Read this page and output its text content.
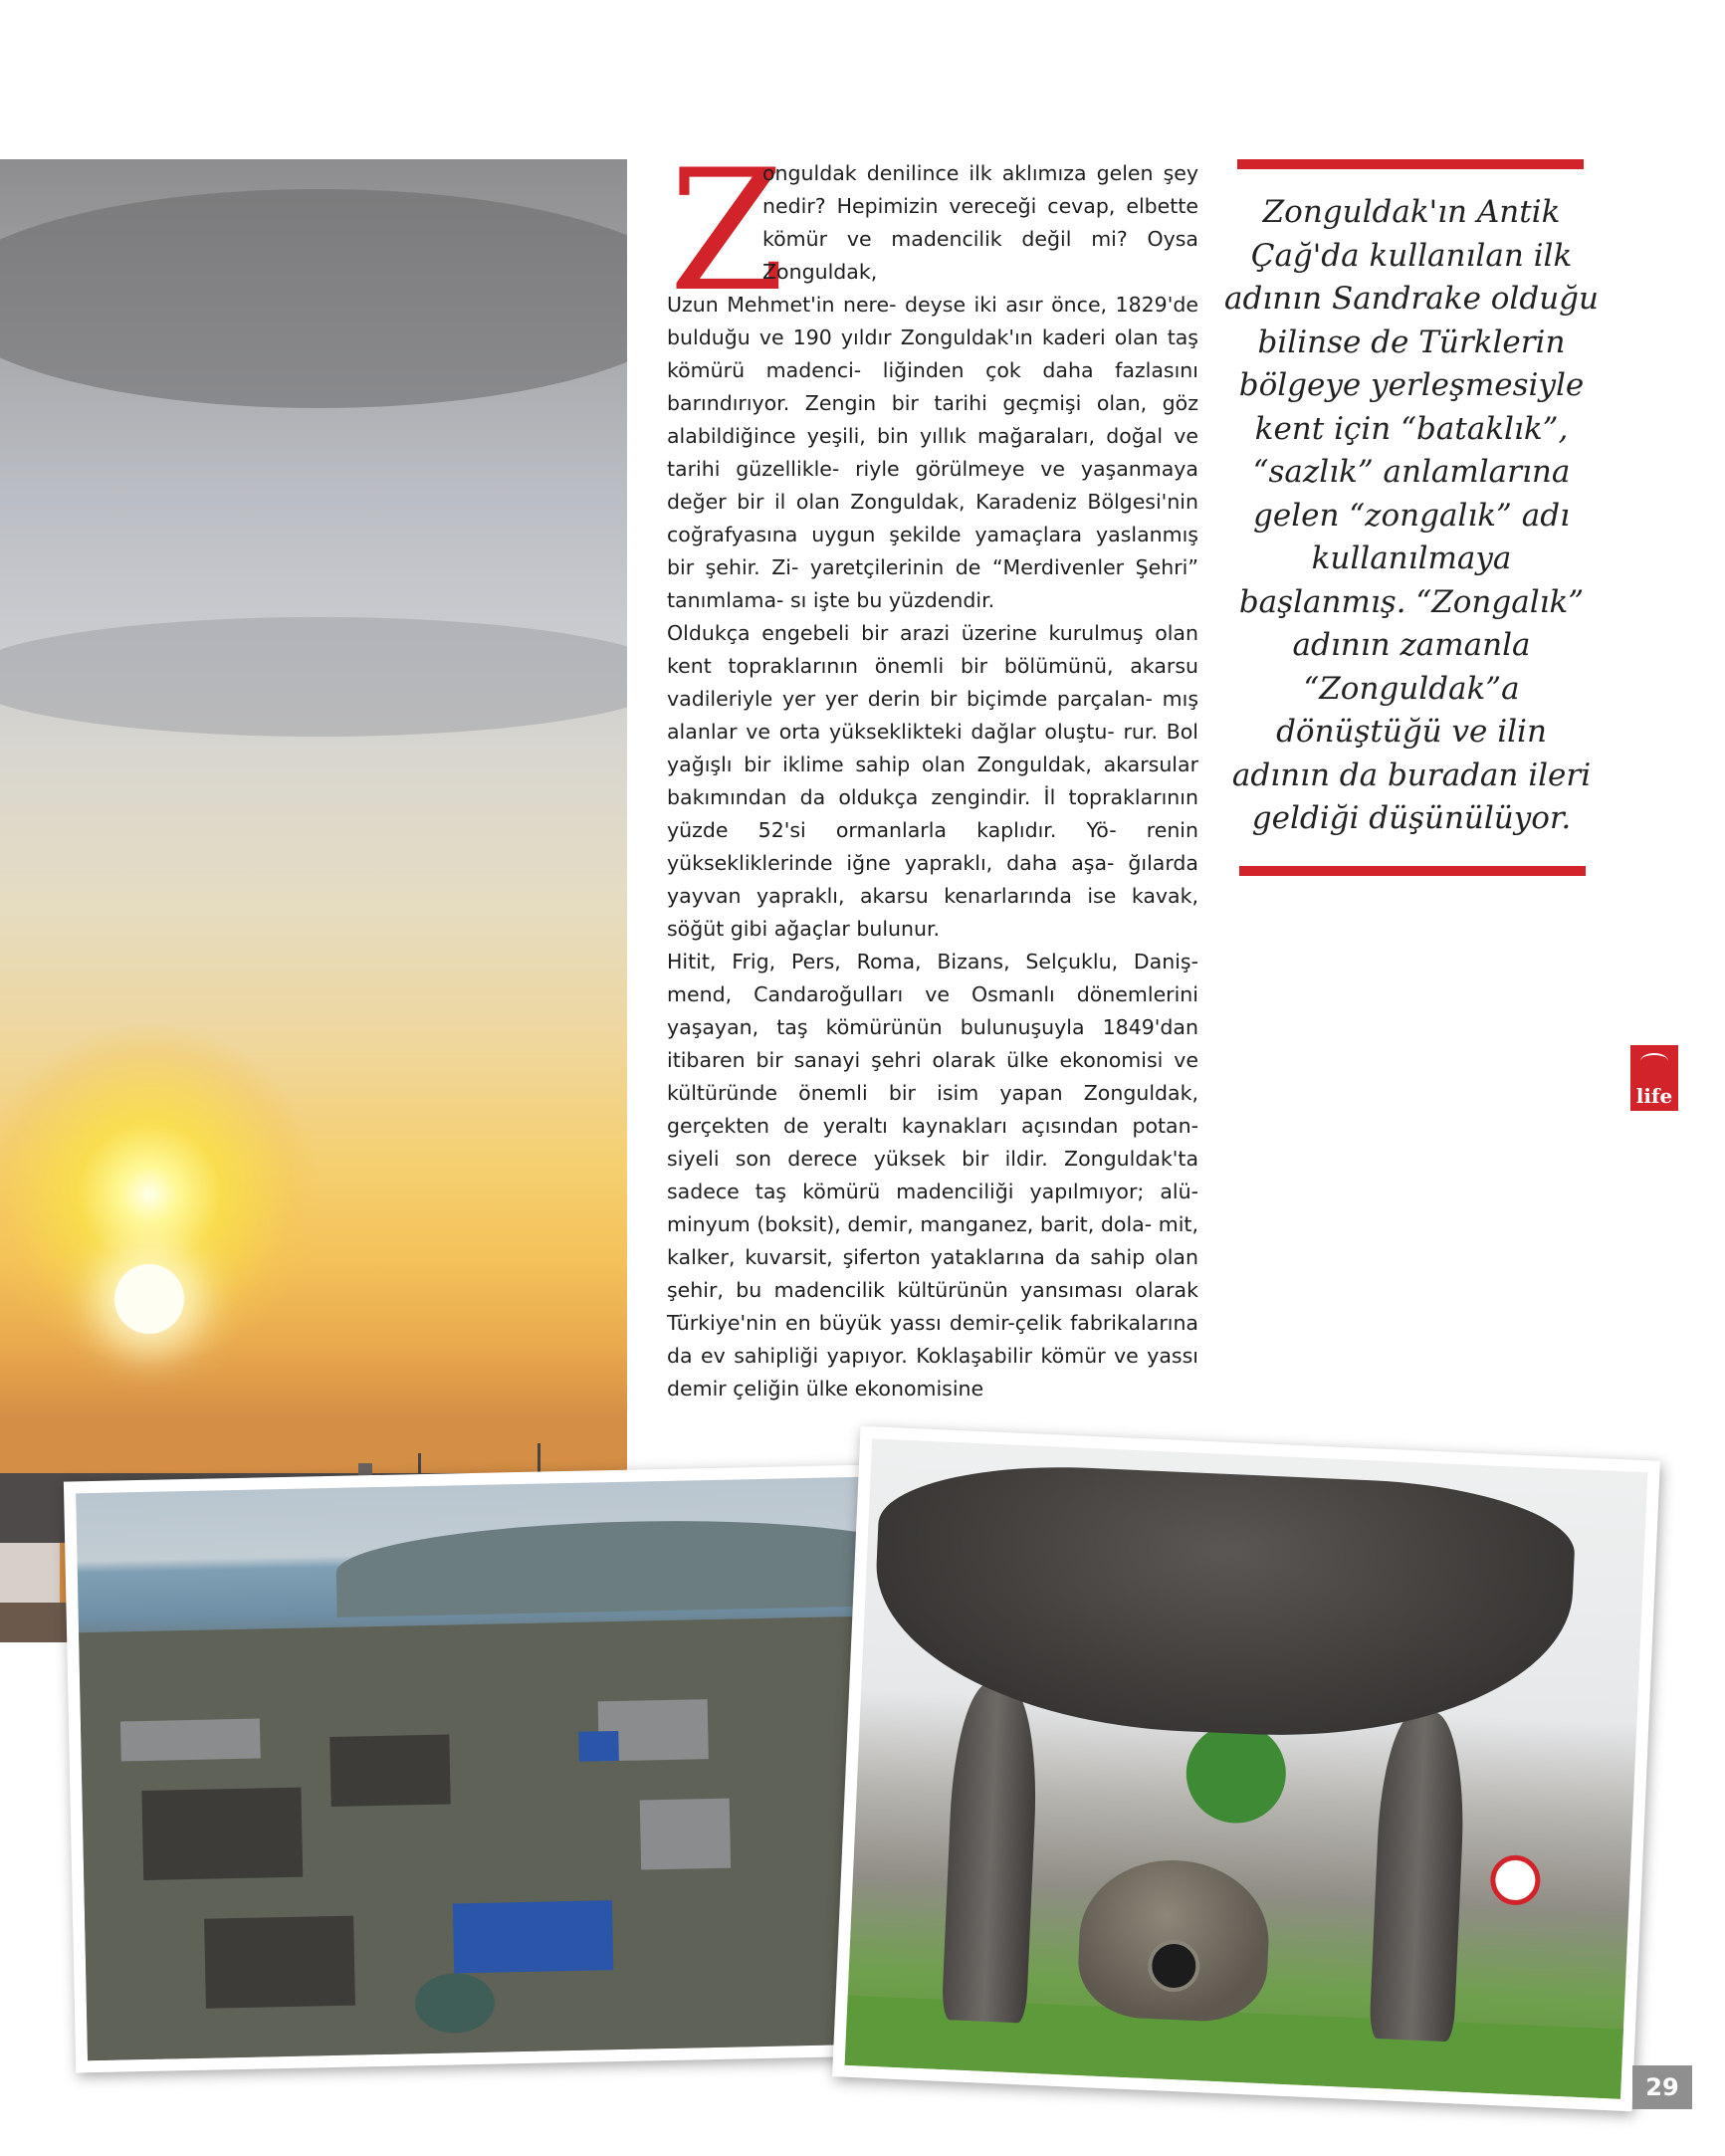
Z
onguldak denilince ilk aklımıza gelen şey nedir? Hepimizin vereceği cevap, elbette kömür ve madencilik değil mi? Oysa Zonguldak,
Uzun Mehmet'in nere- deyse iki asır önce, 1829'de bulduğu ve 190 yıldır Zonguldak'ın kaderi olan taş kömürü madenci- liğinden çok daha fazlasını barındırıyor. Zengin bir tarihi geçmişi olan, göz alabildiğince yeşili, bin yıllık mağaraları, doğal ve tarihi güzellikle- riyle görülmeye ve yaşanmaya değer bir il olan Zonguldak, Karadeniz Bölgesi'nin coğrafyasına uygun şekilde yamaçlara yaslanmış bir şehir. Zi- yaretçilerinin de “Merdivenler Şehri” tanımlama- sı işte bu yüzdendir.
Oldukça engebeli bir arazi üzerine kurulmuş olan kent topraklarının önemli bir bölümünü, akarsu vadileriyle yer yer derin bir biçimde parçalan- mış alanlar ve orta yükseklikteki dağlar oluştu- rur. Bol yağışlı bir iklime sahip olan Zonguldak, akarsular bakımından da oldukça zengindir. İl topraklarının yüzde 52'si ormanlarla kaplıdır. Yö- renin yüksekliklerinde iğne yapraklı, daha aşa- ğılarda yayvan yapraklı, akarsu kenarlarında ise kavak, söğüt gibi ağaçlar bulunur.
Hitit, Frig, Pers, Roma, Bizans, Selçuklu, Daniş- mend, Candaroğulları ve Osmanlı dönemlerini yaşayan, taş kömürünün bulunuşuyla 1849'dan itibaren bir sanayi şehri olarak ülke ekonomisi ve kültüründe önemli bir isim yapan Zonguldak, gerçekten de yeraltı kaynakları açısından potan- siyeli son derece yüksek bir ildir. Zonguldak'ta sadece taş kömürü madenciliği yapılmıyor; alü- minyum (boksit), demir, manganez, barit, dola- mit, kalker, kuvarsit, şiferton yataklarına da sahip olan şehir, bu madencilik kültürünün yansıması olarak Türkiye'nin en büyük yassı demir-çelik fabrikalarına da ev sahipliği yapıyor. Koklaşabilir kömür ve yassı demir çeliğin ülke ekonomisine
Zonguldak'ın Antik Çağ'da kullanılan ilk adının Sandrake olduğu bilinse de Türklerin bölgeye yerleşmesiyle kent için “bataklık”, “sazlık” anlamlarına gelen “zongalık” adı kullanılmaya başlanmış. “Zongalık” adının zamanla “Zonguldak”a dönüştüğü ve ilin adının da buradan ileri geldiği düşünülüyor.
life
29
